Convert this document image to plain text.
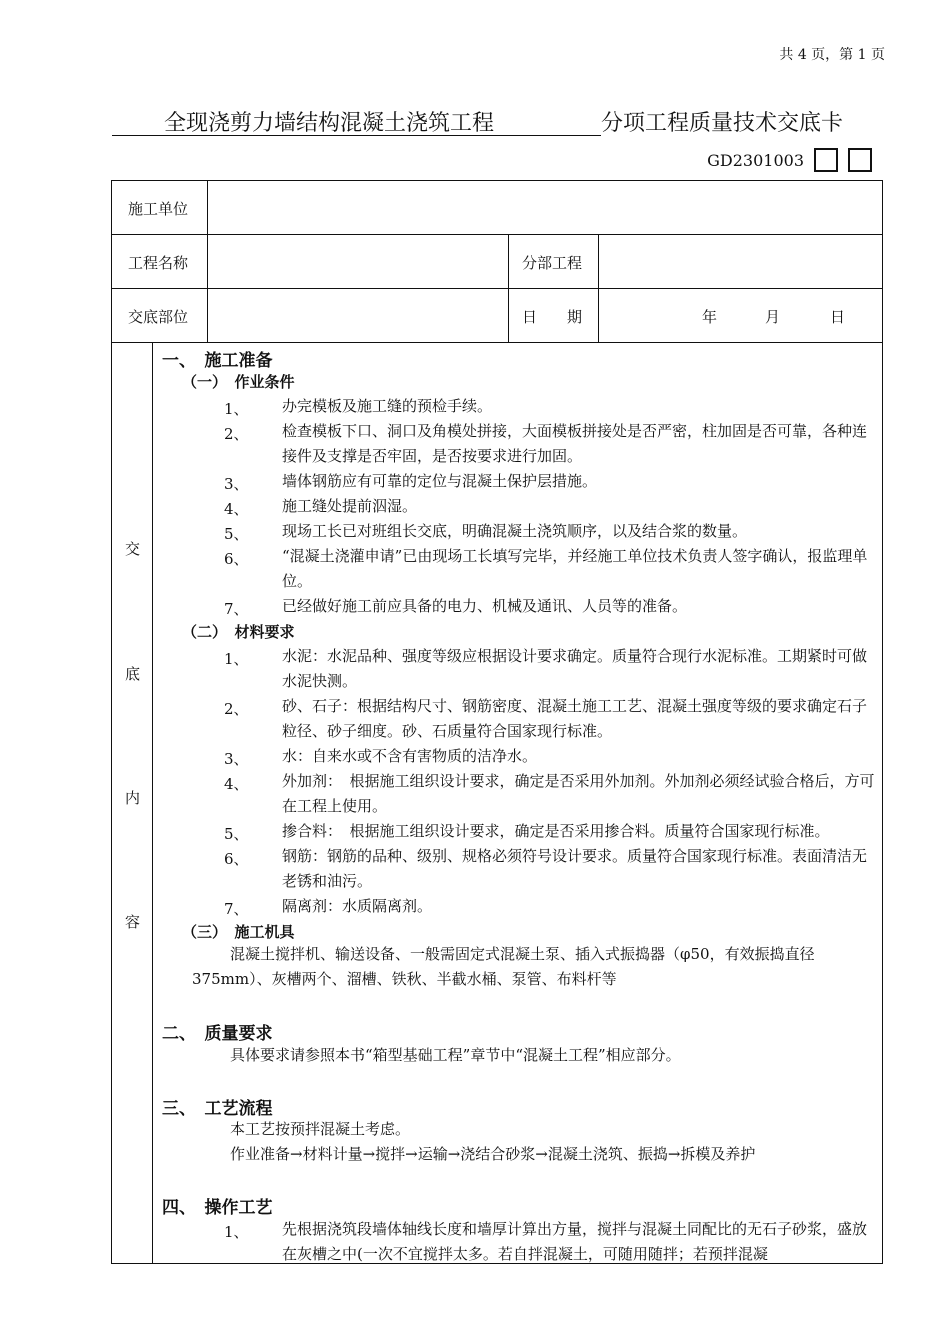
共 4 页，第 1 页
全现浇剪力墙结构混凝土浇筑工程	分项工程质量技术交底卡
GD2301003
施工单位
工程名称	分部工程
交底部位	日　　期	年	月	日
交
底
内
容
一、　施工准备
（一）　作业条件
1、 办完模板及施工缝的预检手续。
2、 检查模板下口、洞口及角模处拼接，大面模板拼接处是否严密，柱加固是否可靠，各种连接件及支撑是否牢固，是否按要求进行加固。
3、 墙体钢筋应有可靠的定位与混凝土保护层措施。
4、 施工缝处提前泅湿。
5、 现场工长已对班组长交底，明确混凝土浇筑顺序，以及结合浆的数量。
6、 “混凝土浇灌申请”已由现场工长填写完毕，并经施工单位技术负责人签字确认，报监理单位。
7、 已经做好施工前应具备的电力、机械及通讯、人员等的准备。
（二）　材料要求
1、 水泥：水泥品种、强度等级应根据设计要求确定。质量符合现行水泥标准。工期紧时可做水泥快测。
2、 砂、石子：根据结构尺寸、钢筋密度、混凝土施工工艺、混凝土强度等级的要求确定石子粒径、砂子细度。砂、石质量符合国家现行标准。
3、 水：自来水或不含有害物质的洁净水。
4、 外加剂：　根据施工组织设计要求，确定是否采用外加剂。外加剂必须经试验合格后，方可在工程上使用。
5、 掺合料：　根据施工组织设计要求，确定是否采用掺合料。质量符合国家现行标准。
6、 钢筋：钢筋的品种、级别、规格必须符号设计要求。质量符合国家现行标准。表面清洁无老锈和油污。
7、 隔离剂：水质隔离剂。
（三）　施工机具
混凝土搅拌机、输送设备、一般需固定式混凝土泵、插入式振捣器（φ50，有效振捣直径375mm）、灰槽两个、溜槽、铁秋、半截水桶、泵管、布料杆等
二、　质量要求
具体要求请参照本书“箱型基础工程”章节中“混凝土工程”相应部分。
三、　工艺流程
本工艺按预拌混凝土考虑。
作业准备→材料计量→搅拌→运输→浇结合砂浆→混凝土浇筑、振捣→拆模及养护
四、　操作工艺
1、 先根据浇筑段墙体轴线长度和墙厚计算出方量，搅拌与混凝土同配比的无石子砂浆，盛放在灰槽之中(一次不宜搅拌太多。若自拌混凝土，可随用随拌；若预拌混凝
